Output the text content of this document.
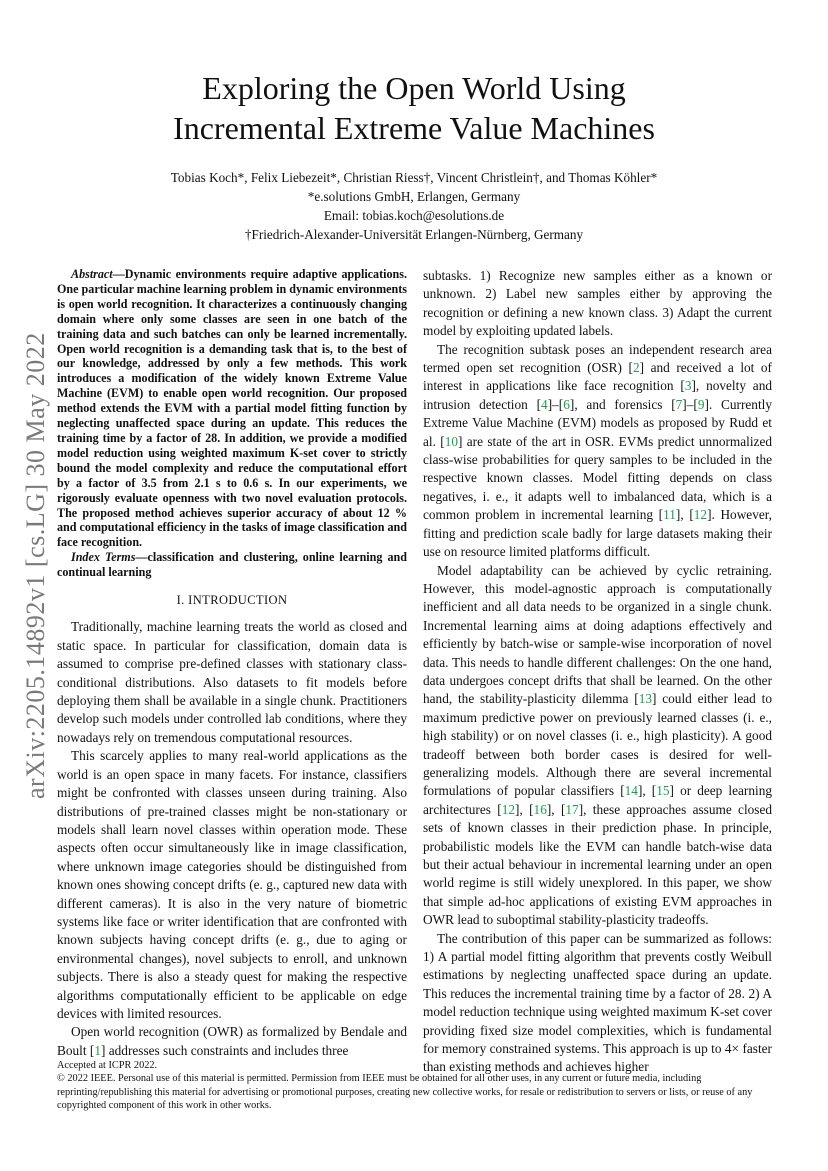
arXiv:2205.14892v1 [cs.LG] 30 May 2022
Exploring the Open World Using
Incremental Extreme Value Machines
Tobias Koch*, Felix Liebezeit*, Christian Riess†, Vincent Christlein†, and Thomas Köhler*
*e.solutions GmbH, Erlangen, Germany
Email: tobias.koch@esolutions.de
†Friedrich-Alexander-Universität Erlangen-Nürnberg, Germany

Abstract—Dynamic environments require adaptive applications. One particular machine learning problem in dynamic environments is open world recognition. It characterizes a continuously changing domain where only some classes are seen in one batch of the training data and such batches can only be learned incrementally. Open world recognition is a demanding task that is, to the best of our knowledge, addressed by only a few methods. This work introduces a modification of the widely known Extreme Value Machine (EVM) to enable open world recognition. Our proposed method extends the EVM with a partial model fitting function by neglecting unaffected space during an update. This reduces the training time by a factor of 28. In addition, we provide a modified model reduction using weighted maximum K-set cover to strictly bound the model complexity and reduce the computational effort by a factor of 3.5 from 2.1 s to 0.6 s. In our experiments, we rigorously evaluate openness with two novel evaluation protocols. The proposed method achieves superior accuracy of about 12 % and computational efficiency in the tasks of image classification and face recognition.

Index Terms—classification and clustering, online learning and continual learning

I. INTRODUCTION

Traditionally, machine learning treats the world as closed and static space. In particular for classification, domain data is assumed to comprise pre-defined classes with stationary class-conditional distributions. Also datasets to fit models before deploying them shall be available in a single chunk. Practitioners develop such models under controlled lab conditions, where they nowadays rely on tremendous computational resources.

This scarcely applies to many real-world applications as the world is an open space in many facets. For instance, classifiers might be confronted with classes unseen during training. Also distributions of pre-trained classes might be non-stationary or models shall learn novel classes within operation mode. These aspects often occur simultaneously like in image classification, where unknown image categories should be distinguished from known ones showing concept drifts (e. g., captured new data with different cameras). It is also in the very nature of biometric systems like face or writer identification that are confronted with known subjects having concept drifts (e. g., due to aging or environmental changes), novel subjects to enroll, and unknown subjects. There is also a steady quest for making the respective algorithms computationally efficient to be applicable on edge devices with limited resources.

Open world recognition (OWR) as formalized by Bendale and Boult [1] addresses such constraints and includes three

subtasks. 1) Recognize new samples either as a known or unknown. 2) Label new samples either by approving the recognition or defining a new known class. 3) Adapt the current model by exploiting updated labels.

The recognition subtask poses an independent research area termed open set recognition (OSR) [2] and received a lot of interest in applications like face recognition [3], novelty and intrusion detection [4]–[6], and forensics [7]–[9]. Currently Extreme Value Machine (EVM) models as proposed by Rudd et al. [10] are state of the art in OSR. EVMs predict unnormalized class-wise probabilities for query samples to be included in the respective known classes. Model fitting depends on class negatives, i. e., it adapts well to imbalanced data, which is a common problem in incremental learning [11], [12]. However, fitting and prediction scale badly for large datasets making their use on resource limited platforms difficult.

Model adaptability can be achieved by cyclic retraining. However, this model-agnostic approach is computationally inefficient and all data needs to be organized in a single chunk. Incremental learning aims at doing adaptions effectively and efficiently by batch-wise or sample-wise incorporation of novel data. This needs to handle different challenges: On the one hand, data undergoes concept drifts that shall be learned. On the other hand, the stability-plasticity dilemma [13] could either lead to maximum predictive power on previously learned classes (i. e., high stability) or on novel classes (i. e., high plasticity). A good tradeoff between both border cases is desired for well-generalizing models. Although there are several incremental formulations of popular classifiers [14], [15] or deep learning architectures [12], [16], [17], these approaches assume closed sets of known classes in their prediction phase. In principle, probabilistic models like the EVM can handle batch-wise data but their actual behaviour in incremental learning under an open world regime is still widely unexplored. In this paper, we show that simple ad-hoc applications of existing EVM approaches in OWR lead to suboptimal stability-plasticity tradeoffs.

The contribution of this paper can be summarized as follows: 1) A partial model fitting algorithm that prevents costly Weibull estimations by neglecting unaffected space during an update. This reduces the incremental training time by a factor of 28. 2) A model reduction technique using weighted maximum K-set cover providing fixed size model complexities, which is fundamental for memory constrained systems. This approach is up to 4× faster than existing methods and achieves higher

Accepted at ICPR 2022.
© 2022 IEEE. Personal use of this material is permitted. Permission from IEEE must be obtained for all other uses, in any current or future media, including reprinting/republishing this material for advertising or promotional purposes, creating new collective works, for resale or redistribution to servers or lists, or reuse of any copyrighted component of this work in other works.
